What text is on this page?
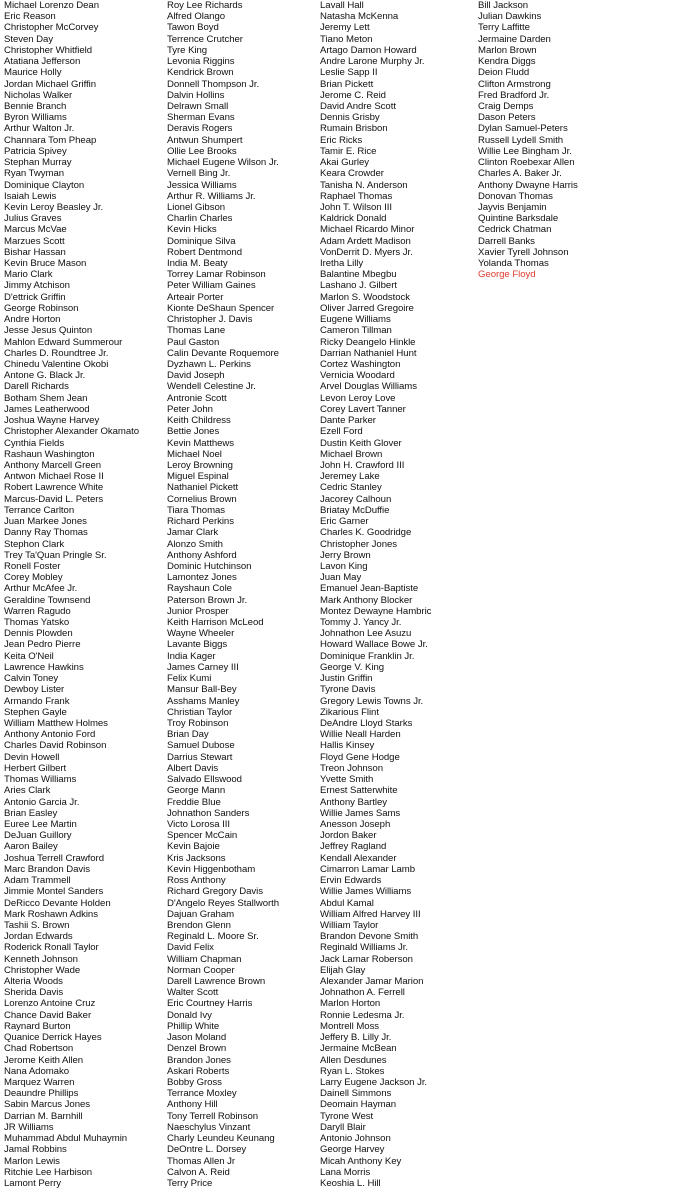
Michael Lorenzo Dean
Eric Reason
Christopher McCorvey
Steven Day
Christopher Whitfield
Atatiana Jefferson
Maurice Holly
Jordan Michael Griffin
Nicholas Walker
Bennie Branch
Byron Williams
Arthur Walton Jr.
Channara Tom Pheap
Patricia Spivey
Stephan Murray
Ryan Twyman
Dominique Clayton
Isaiah Lewis
Kevin Leroy Beasley Jr.
Julius Graves
Marcus McVae
Marzues Scott
Bishar Hassan
Kevin Bruce Mason
Mario Clark
Jimmy Atchison
D'ettrick Griffin
George Robinson
Andre Horton
Jesse Jesus Quinton
Mahlon Edward Summerour
Charles D. Roundtree Jr.
Chinedu Valentine Okobi
Antone G. Black Jr.
Darell Richards
Botham Shem Jean
James Leatherwood
Joshua Wayne Harvey
Christopher Alexander Okamato
Cynthia Fields
Rashaun Washington
Anthony Marcell Green
Antwon Michael Rose II
Robert Lawrence White
Marcus-David L. Peters
Terrance Carlton
Juan Markee Jones
Danny Ray Thomas
Stephon Clark
Trey Ta'Quan Pringle Sr.
Ronell Foster
Corey Mobley
Arthur McAfee Jr.
Geraldine Townsend
Warren Ragudo
Thomas Yatsko
Dennis Plowden
Jean Pedro Pierre
Keita O'Neil
Lawrence Hawkins
Calvin Toney
Dewboy Lister
Armando Frank
Stephen Gayle
William Matthew Holmes
Anthony Antonio Ford
Charles David Robinson
Devin Howell
Herbert Gilbert
Thomas Williams
Aries Clark
Antonio Garcia Jr.
Brian Easley
Euree Lee Martin
DeJuan Guillory
Aaron Bailey
Joshua Terrell Crawford
Marc Brandon Davis
Adam Trammell
Jimmie Montel Sanders
DeRicco Devante Holden
Mark Roshawn Adkins
Tashii S. Brown
Jordan Edwards
Roderick Ronall Taylor
Kenneth Johnson
Christopher Wade
Alteria Woods
Sherida Davis
Lorenzo Antoine Cruz
Chance David Baker
Raynard Burton
Quanice Derrick Hayes
Chad Robertson
Jerome Keith Allen
Nana Adomako
Marquez Warren
Deaundre Phillips
Sabin Marcus Jones
Darrian M. Barnhill
JR Williams
Muhammad Abdul Muhaymin
Jamal Robbins
Marlon Lewis
Ritchie Lee Harbison
Lamont Perry
Roy Lee Richards
Alfred Olango
Tawon Boyd
Terrence Crutcher
Tyre King
Levonia Riggins
Kendrick Brown
Donnell Thompson Jr.
Dalvin Hollins
Delrawn Small
Sherman Evans
Deravis Rogers
Antwun Shumpert
Ollie Lee Brooks
Michael Eugene Wilson Jr.
Vernell Bing Jr.
Jessica Williams
Arthur R. Williams Jr.
Lionel Gibson
Charlin Charles
Kevin Hicks
Dominique Silva
Robert Dentmond
India M. Beaty
Torrey Lamar Robinson
Peter William Gaines
Arteair Porter
Kionte DeShaun Spencer
Christopher J. Davis
Thomas Lane
Paul Gaston
Calin Devante Roquemore
Dyzhawn L. Perkins
David Joseph
Wendell Celestine Jr.
Antronie Scott
Peter John
Keith Childress
Bettie Jones
Kevin Matthews
Michael Noel
Leroy Browning
Miguel Espinal
Nathaniel Pickett
Cornelius Brown
Tiara Thomas
Richard Perkins
Jamar Clark
Alonzo Smith
Anthony Ashford
Dominic Hutchinson
Lamontez Jones
Rayshaun Cole
Paterson Brown Jr.
Junior Prosper
Keith Harrison McLeod
Wayne Wheeler
Lavante Biggs
India Kager
James Carney III
Felix Kumi
Mansur Ball-Bey
Asshams Manley
Christian Taylor
Troy Robinson
Brian Day
Samuel Dubose
Darrius Stewart
Albert Davis
Salvado Ellswood
George Mann
Freddie Blue
Johnathon Sanders
Victo Lorosa III
Spencer McCain
Kevin Bajoie
Kris Jacksons
Kevin Higgenbotham
Ross Anthony
Richard Gregory Davis
D'Angelo Reyes Stallworth
Dajuan Graham
Brendon Glenn
Reginald L. Moore Sr.
David Felix
William Chapman
Norman Cooper
Darell Lawrence Brown
Walter Scott
Eric Courtney Harris
Donald Ivy
Phillip White
Jason Moland
Denzel Brown
Brandon Jones
Askari Roberts
Bobby Gross
Terrance Moxley
Anthony Hill
Tony Terrell Robinson
Naeschylus Vinzant
Charly Leundeu Keunang
DeOntre L. Dorsey
Thomas Allen Jr
Calvon A. Reid
Terry Price
Lavall Hall
Natasha McKenna
Jeremy Lett
Tiano Meton
Artago Damon Howard
Andre Larone Murphy Jr.
Leslie Sapp II
Brian Pickett
Jerome C. Reid
David Andre Scott
Dennis Grisby
Rumain Brisbon
Eric Ricks
Tamir E. Rice
Akai Gurley
Keara Crowder
Tanisha N. Anderson
Raphael Thomas
John T. Wilson III
Kaldrick Donald
Michael Ricardo Minor
Adam Ardett Madison
VonDerrit D. Myers Jr.
Iretha Lilly
Balantine Mbegbu
Lashano J. Gilbert
Marlon S. Woodstock
Oliver Jarred Gregoire
Eugene Williams
Cameron Tillman
Ricky Deangelo Hinkle
Darrian Nathaniel Hunt
Cortez Washington
Vernicia Woodard
Arvel Douglas Williams
Levon Leroy Love
Corey Lavert Tanner
Dante Parker
Ezell Ford
Dustin Keith Glover
Michael Brown
John H. Crawford III
Jeremey Lake
Cedric Stanley
Jacorey Calhoun
Briatay McDuffie
Eric Garner
Charles K. Goodridge
Christopher Jones
Jerry Brown
Lavon King
Juan May
Emanuel Jean-Baptiste
Mark Anthony Blocker
Montez Dewayne Hambric
Tommy J. Yancy Jr.
Johnathon Lee Asuzu
Howard Wallace Bowe Jr.
Dominique Franklin Jr.
George V. King
Justin Griffin
Tyrone Davis
Gregory Lewis Towns Jr.
Zikarious Flint
DeAndre Lloyd Starks
Willie Neall Harden
Hallis Kinsey
Floyd Gene Hodge
Treon Johnson
Yvette Smith
Ernest Satterwhite
Anthony Bartley
Willie James Sams
Anesson Joseph
Jordon Baker
Jeffrey Ragland
Kendall Alexander
Cimarron Lamar Lamb
Ervin Edwards
Willie James Williams
Abdul Kamal
William Alfred Harvey III
William Taylor
Brandon Devone Smith
Reginald Williams Jr.
Jack Lamar Roberson
Elijah Glay
Alexander Jamar Marion
Johnathon A. Ferrell
Marlon Horton
Ronnie Ledesma Jr.
Montrell Moss
Jeffery B. Lilly Jr.
Jermaine McBean
Allen Desdunes
Ryan L. Stokes
Larry Eugene Jackson Jr.
Dainell Simmons
Deomain Hayman
Tyrone West
Daryll Blair
Antonio Johnson
George Harvey
Micah Anthony Key
Lana Morris
Keoshia L. Hill
Bill Jackson
Julian Dawkins
Terry Laffitte
Jermaine Darden
Marlon Brown
Kendra Diggs
Deion Fludd
Clifton Armstrong
Fred Bradford Jr.
Craig Demps
Dason Peters
Dylan Samuel-Peters
Russell Lydell Smith
Willie Lee Bingham Jr.
Clinton Roebexar Allen
Charles A. Baker Jr.
Anthony Dwayne Harris
Donovan Thomas
Jayvis Benjamin
Quintine Barksdale
Cedrick Chatman
Darrell Banks
Xavier Tyrell Johnson
Yolanda Thomas
George Floyd
